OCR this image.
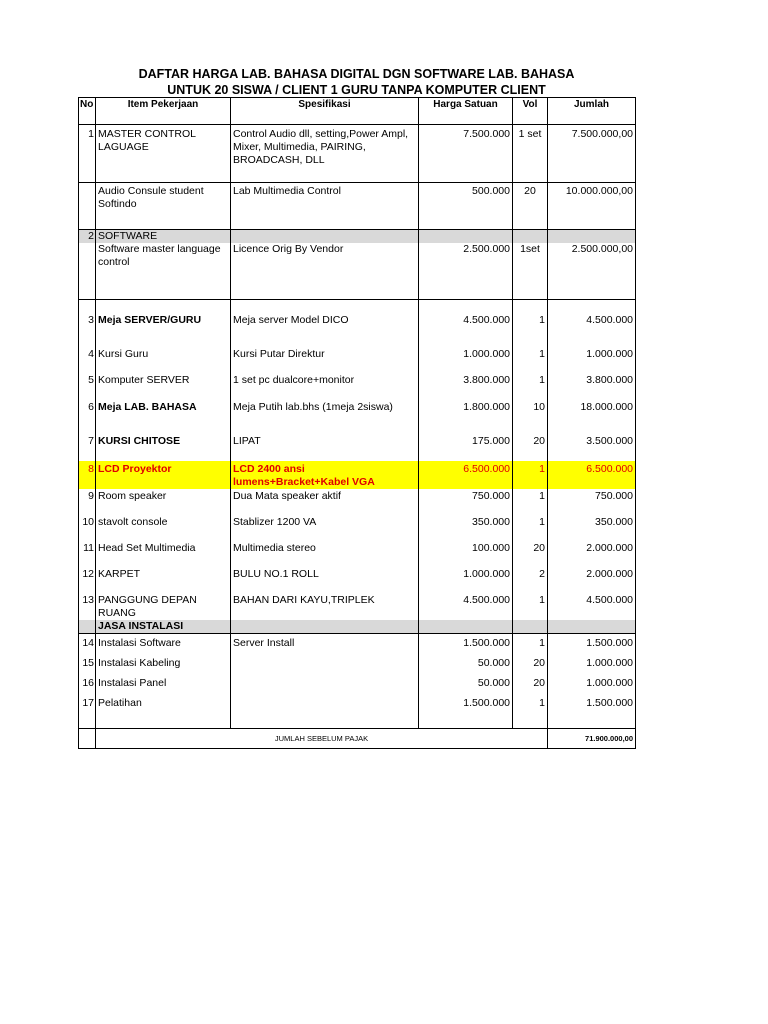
DAFTAR HARGA LAB. BAHASA DIGITAL DGN SOFTWARE LAB. BAHASA
UNTUK 20 SISWA / CLIENT 1 GURU TANPA KOMPUTER CLIENT
No	Item Pekerjaan	Spesifikasi	Harga Satuan	Vol	Jumlah
1	MASTER CONTROL LAGUAGE	Control Audio dll, setting,Power Ampl, Mixer, Multimedia, PAIRING, BROADCASH, DLL	7.500.000	1 set	7.500.000,00
	Audio Consule student Softindo	Lab Multimedia Control	500.000	20	10.000.000,00
2	SOFTWARE				
	Software master language control	Licence Orig By Vendor	2.500.000	1set	2.500.000,00
3	Meja SERVER/GURU	Meja server Model DICO	4.500.000	1	4.500.000
4	Kursi Guru	Kursi Putar Direktur	1.000.000	1	1.000.000
5	Komputer SERVER	1 set pc dualcore+monitor	3.800.000	1	3.800.000
6	Meja LAB. BAHASA	Meja Putih lab.bhs (1meja 2siswa)	1.800.000	10	18.000.000
7	KURSI CHITOSE	LIPAT	175.000	20	3.500.000
8	LCD Proyektor	LCD 2400 ansi lumens+Bracket+Kabel VGA	6.500.000	1	6.500.000
9	Room speaker	Dua Mata speaker aktif	750.000	1	750.000
10	stavolt console	Stablizer 1200 VA	350.000	1	350.000
11	Head Set Multimedia	Multimedia stereo	100.000	20	2.000.000
12	KARPET	BULU NO.1 ROLL	1.000.000	2	2.000.000
13	PANGGUNG DEPAN RUANG	BAHAN DARI KAYU,TRIPLEK	4.500.000	1	4.500.000
	JASA INSTALASI				
14	Instalasi Software	Server Install	1.500.000	1	1.500.000
15	Instalasi Kabeling		50.000	20	1.000.000
16	Instalasi Panel		50.000	20	1.000.000
17	Pelatihan		1.500.000	1	1.500.000

	JUMLAH SEBELUM PAJAK				71.900.000,00
